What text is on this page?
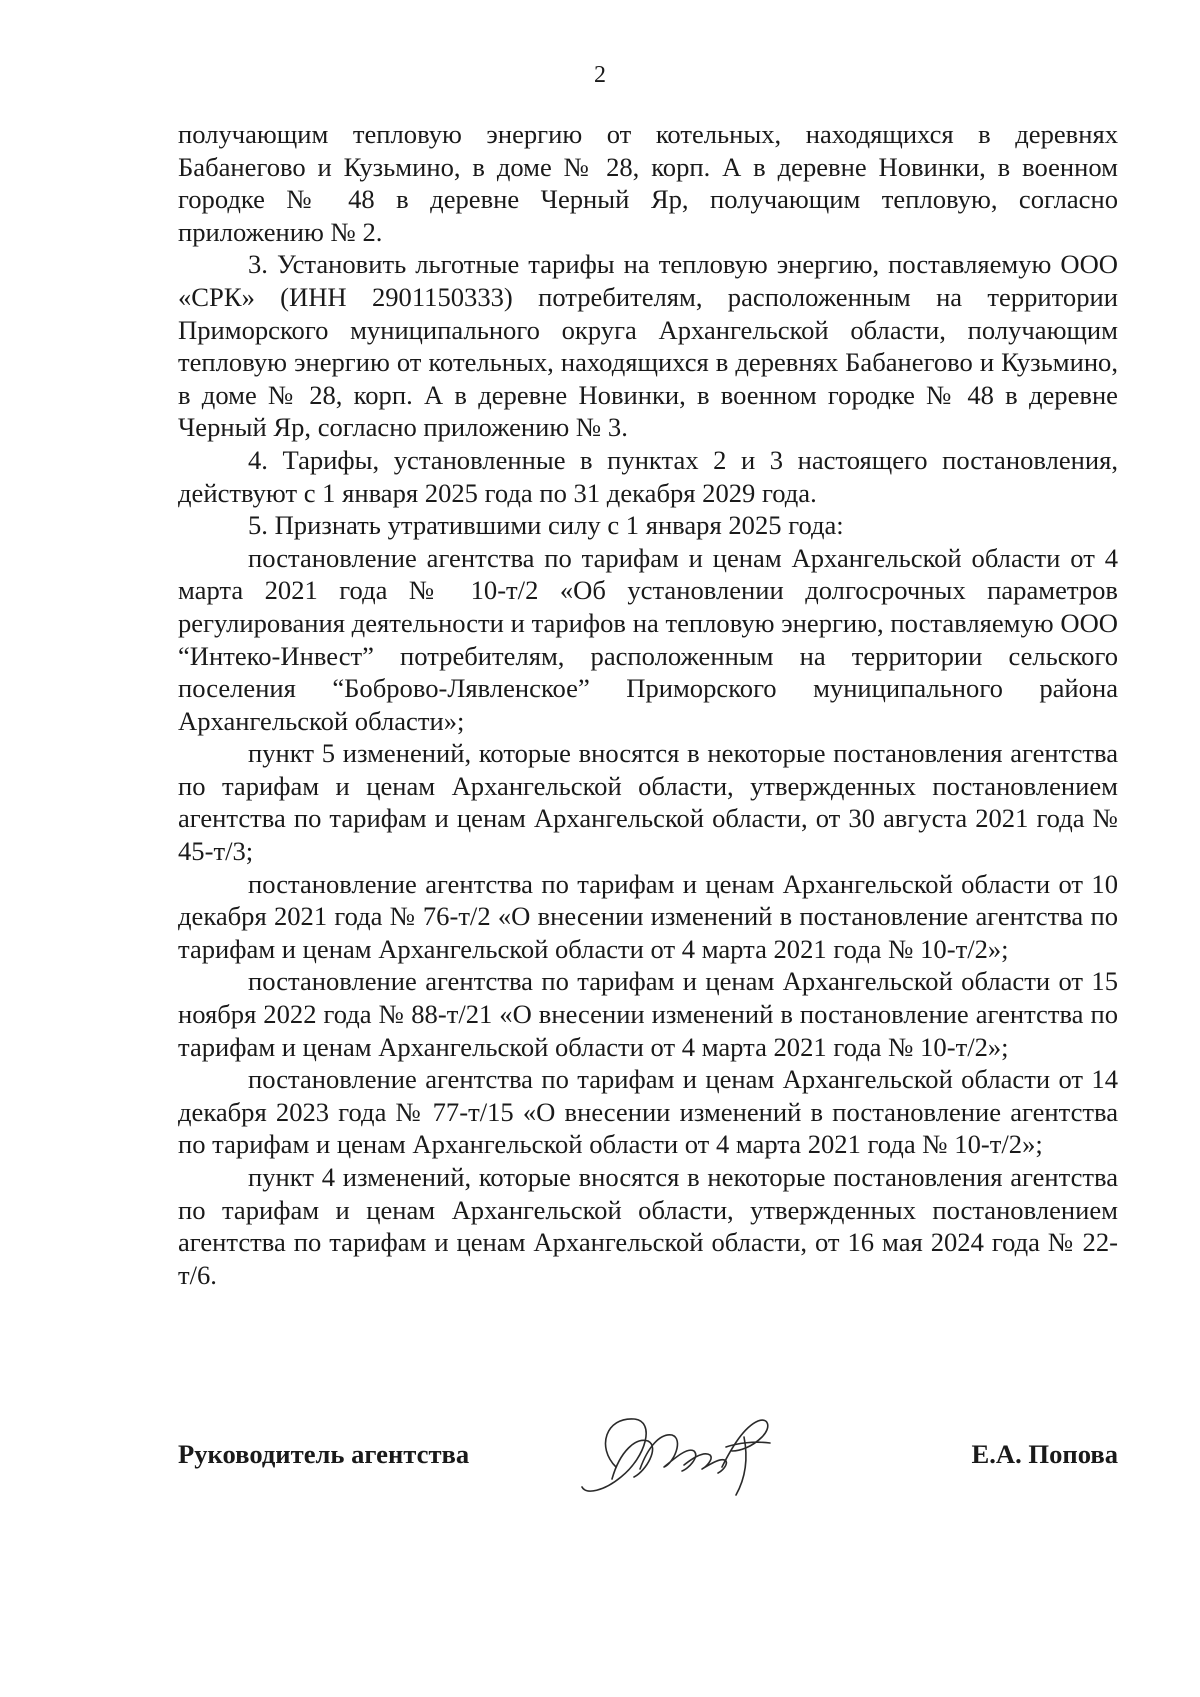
2

получающим тепловую энергию от котельных, находящихся в деревнях Бабанегово и Кузьмино, в доме № 28, корп. А в деревне Новинки, в военном городке № 48 в деревне Черный Яр, получающим тепловую, согласно приложению № 2.

3. Установить льготные тарифы на тепловую энергию, поставляемую ООО «СРК» (ИНН 2901150333) потребителям, расположенным на территории Приморского муниципального округа Архангельской области, получающим тепловую энергию от котельных, находящихся в деревнях Бабанегово и Кузьмино, в доме № 28, корп. А в деревне Новинки, в военном городке № 48 в деревне Черный Яр, согласно приложению № 3.

4. Тарифы, установленные в пунктах 2 и 3 настоящего постановления, действуют с 1 января 2025 года по 31 декабря 2029 года.

5. Признать утратившими силу с 1 января 2025 года:

постановление агентства по тарифам и ценам Архангельской области от 4 марта 2021 года № 10-т/2 «Об установлении долгосрочных параметров регулирования деятельности и тарифов на тепловую энергию, поставляемую ООО “Интеко-Инвест” потребителям, расположенным на территории сельского поселения “Боброво-Лявленское” Приморского муниципального района Архангельской области»;

пункт 5 изменений, которые вносятся в некоторые постановления агентства по тарифам и ценам Архангельской области, утвержденных постановлением агентства по тарифам и ценам Архангельской области, от 30 августа 2021 года № 45-т/3;

постановление агентства по тарифам и ценам Архангельской области от 10 декабря 2021 года № 76-т/2 «О внесении изменений в постановление агентства по тарифам и ценам Архангельской области от 4 марта 2021 года № 10-т/2»;

постановление агентства по тарифам и ценам Архангельской области от 15 ноября 2022 года № 88-т/21 «О внесении изменений в постановление агентства по тарифам и ценам Архангельской области от 4 марта 2021 года № 10-т/2»;

постановление агентства по тарифам и ценам Архангельской области от 14 декабря 2023 года № 77-т/15 «О внесении изменений в постановление агентства по тарифам и ценам Архангельской области от 4 марта 2021 года № 10-т/2»;

пункт 4 изменений, которые вносятся в некоторые постановления агентства по тарифам и ценам Архангельской области, утвержденных постановлением агентства по тарифам и ценам Архангельской области, от 16 мая 2024 года № 22-т/6.

Руководитель агентства	Е.А. Попова
